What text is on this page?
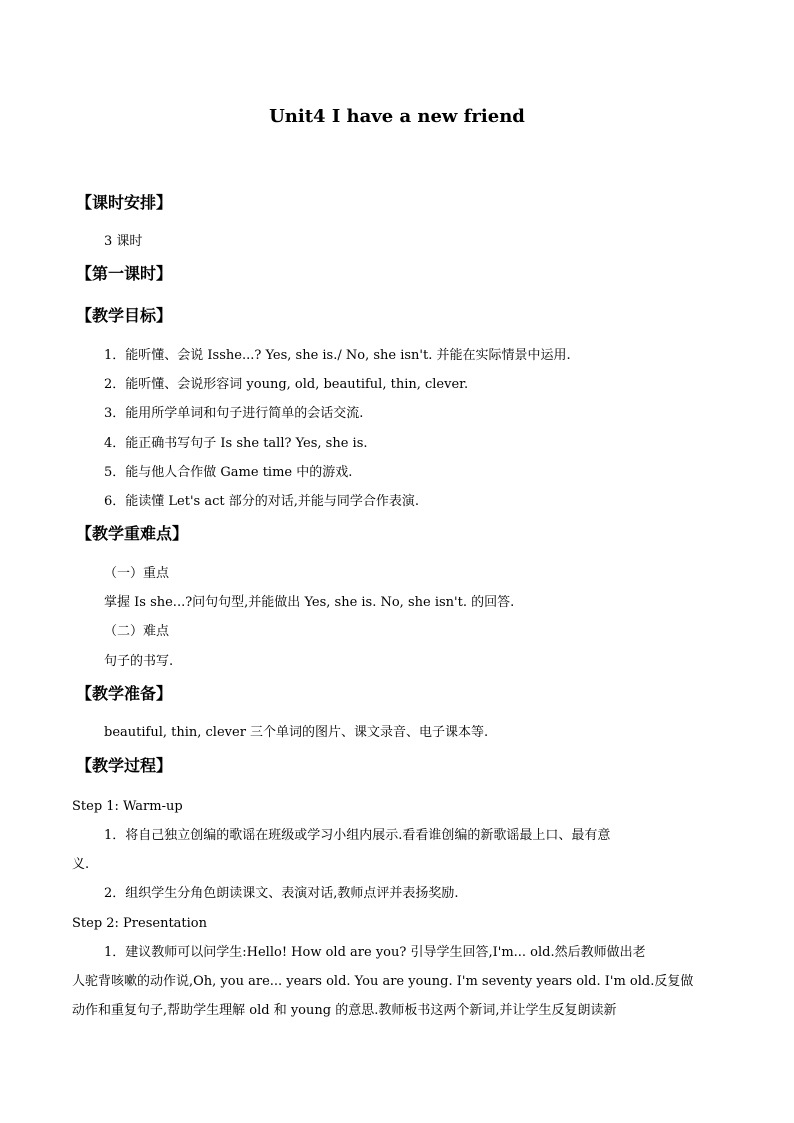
Unit4 I have a new friend
【课时安排】
3 课时
【第一课时】
【教学目标】
1．能听懂、会说 Isshe...? Yes, she is./ No, she isn't. 并能在实际情景中运用.
2．能听懂、会说形容词 young, old, beautiful, thin, clever.
3．能用所学单词和句子进行简单的会话交流.
4．能正确书写句子 Is she tall? Yes, she is.
5．能与他人合作做 Game time 中的游戏.
6．能读懂 Let's act 部分的对话,并能与同学合作表演.
【教学重难点】
（一）重点
掌握 Is she...?问句句型,并能做出 Yes, she is. No, she isn't. 的回答.
（二）难点
句子的书写.
【教学准备】
beautiful, thin, clever 三个单词的图片、课文录音、电子课本等.
【教学过程】
Step 1: Warm-up
1．将自己独立创编的歌谣在班级或学习小组内展示.看看谁创编的新歌谣最上口、最有意
义.
2．组织学生分角色朗读课文、表演对话,教师点评并表扬奖励.
Step 2: Presentation
1．建议教师可以问学生:Hello! How old are you? 引导学生回答,I'm... old.然后教师做出老
人驼背咳嗽的动作说,Oh, you are... years old. You are young. I'm seventy years old. I'm old.反复做
动作和重复句子,帮助学生理解 old 和 young 的意思.教师板书这两个新词,并让学生反复朗读新
